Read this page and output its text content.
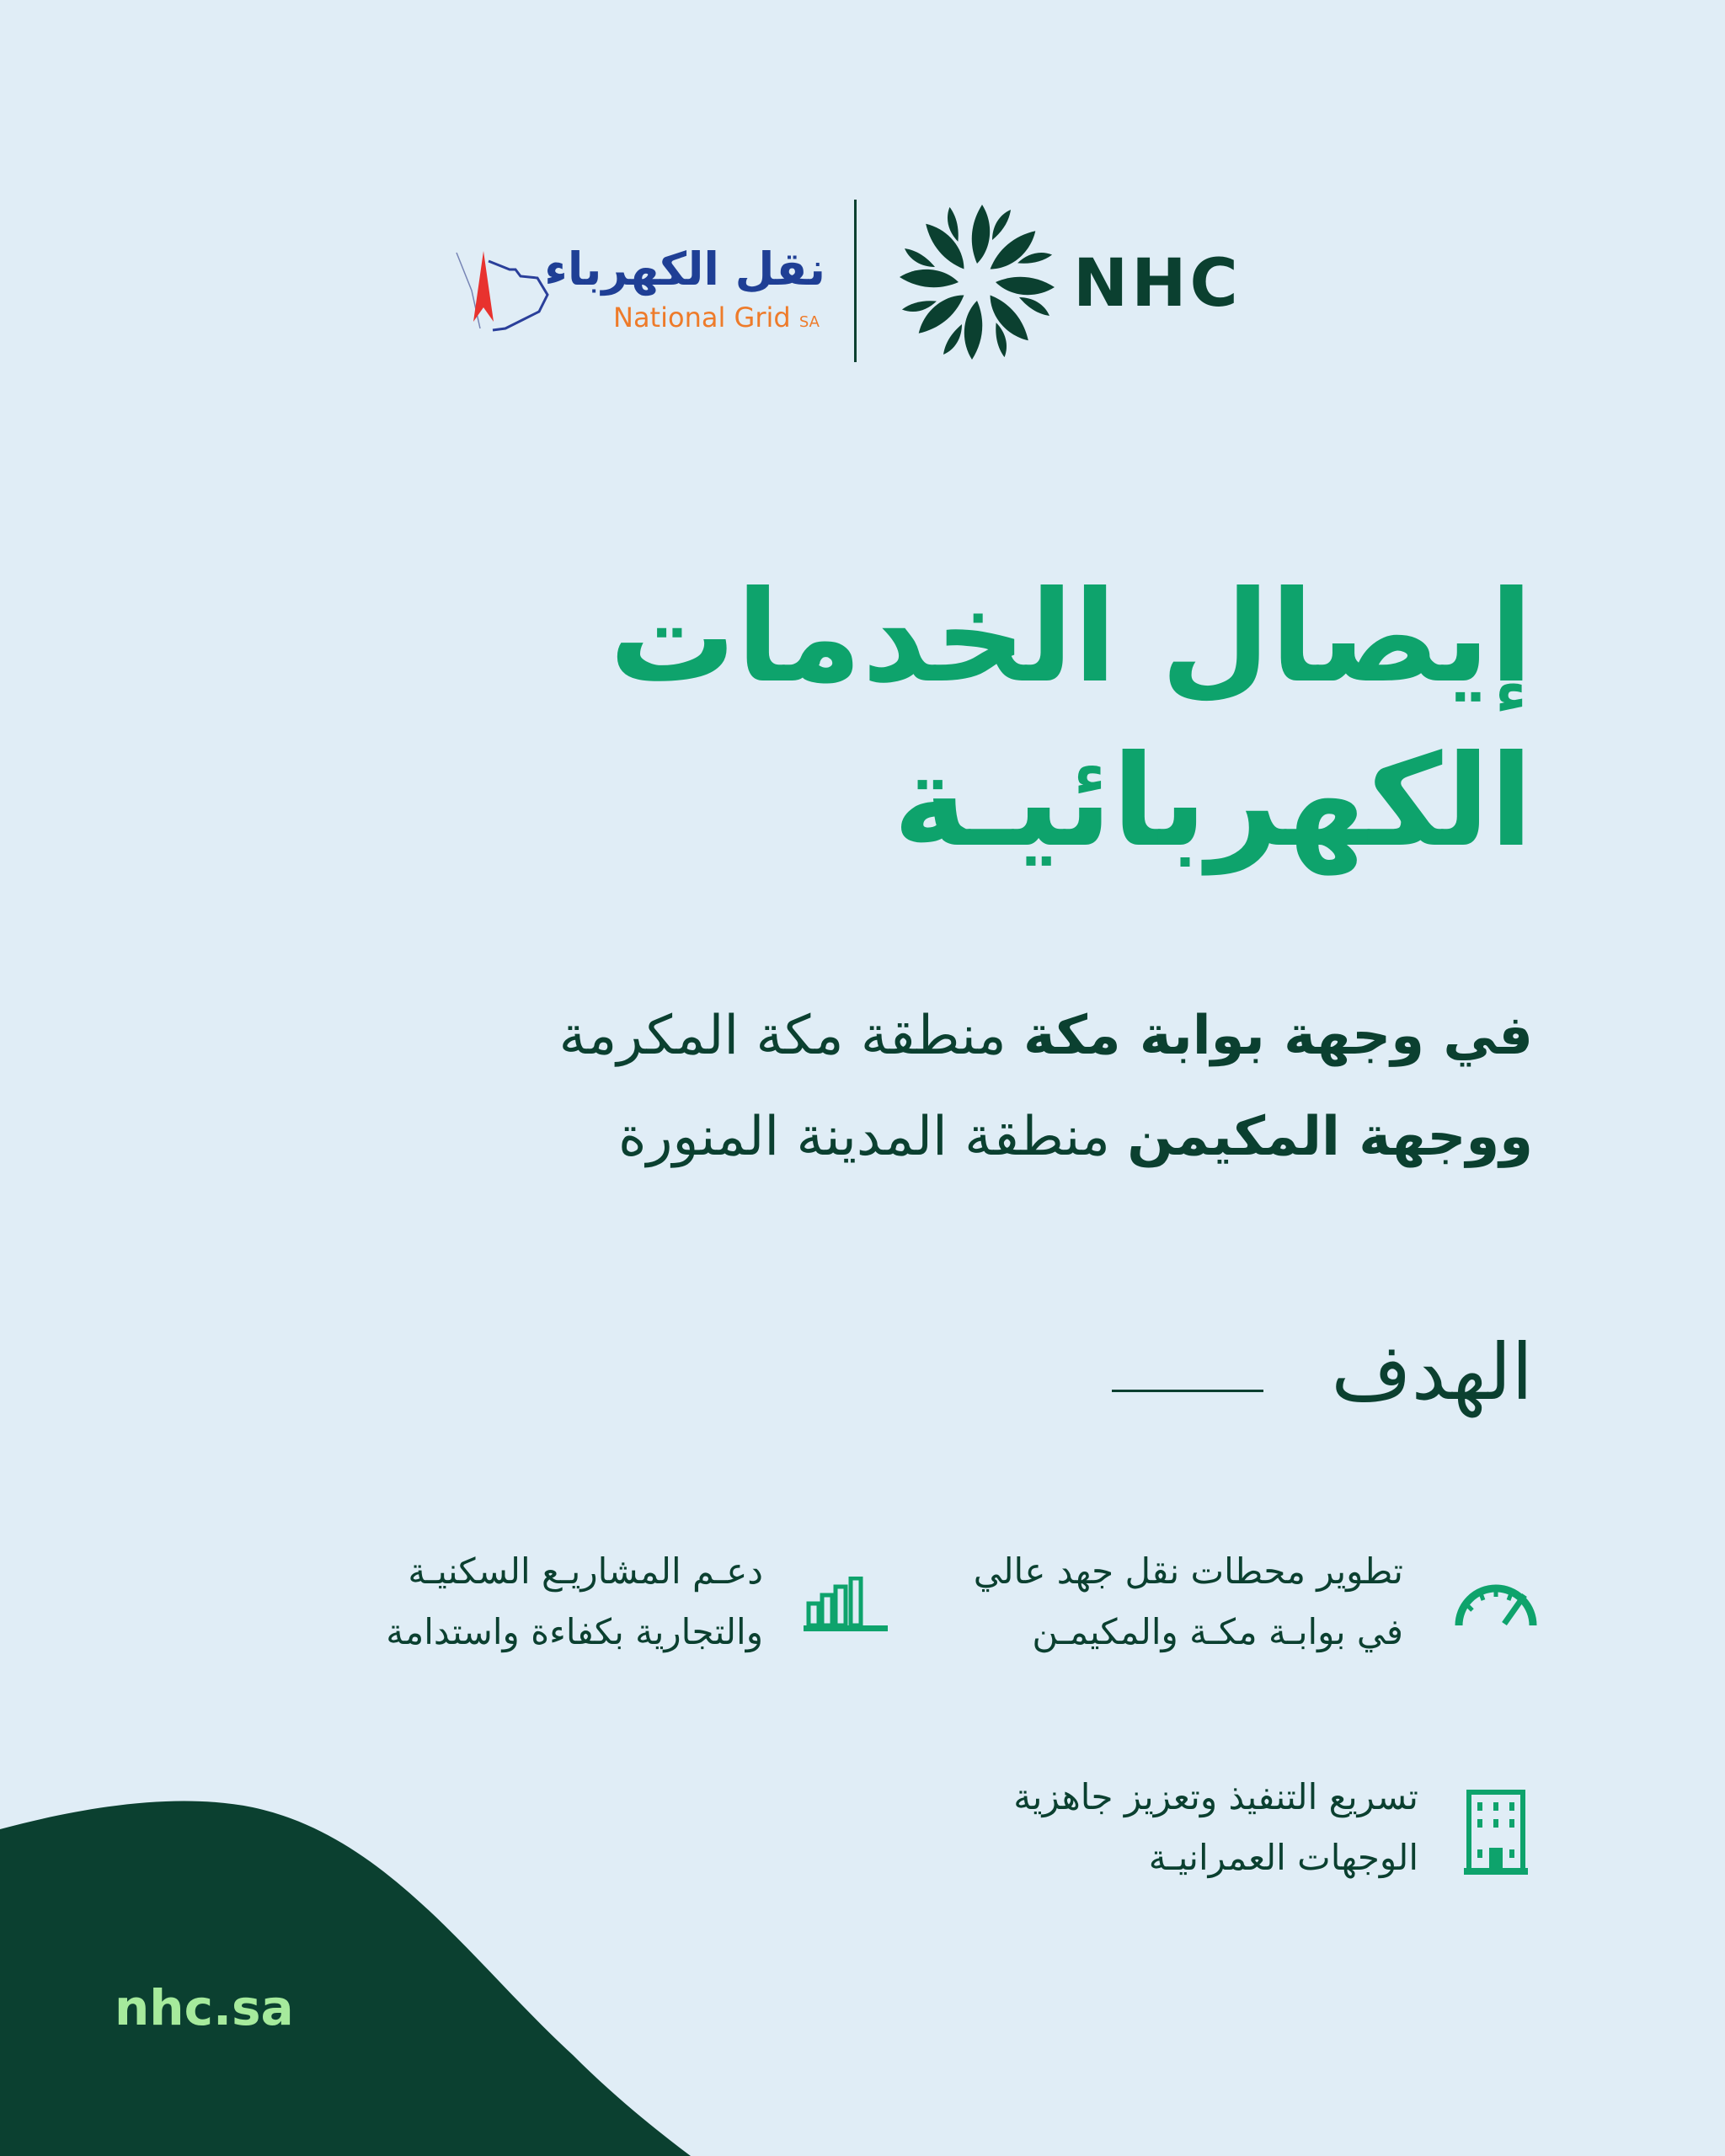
نقل الكهرباء
National Grid SA
NHC
إيصال الخدمات
الكهربائيـة
في وجهة بوابة مكة منطقة مكة المكرمة
ووجهة المكيمن منطقة المدينة المنورة
الهدف
تطوير محطات نقل جهد عالي
في بوابـة مكـة والمكيمـن
دعـم المشاريـع السكنيـة
والتجارية بكفاءة واستدامة
تسريع التنفيذ وتعزيز جاهزية
الوجهات العمرانيـة
nhc.sa
